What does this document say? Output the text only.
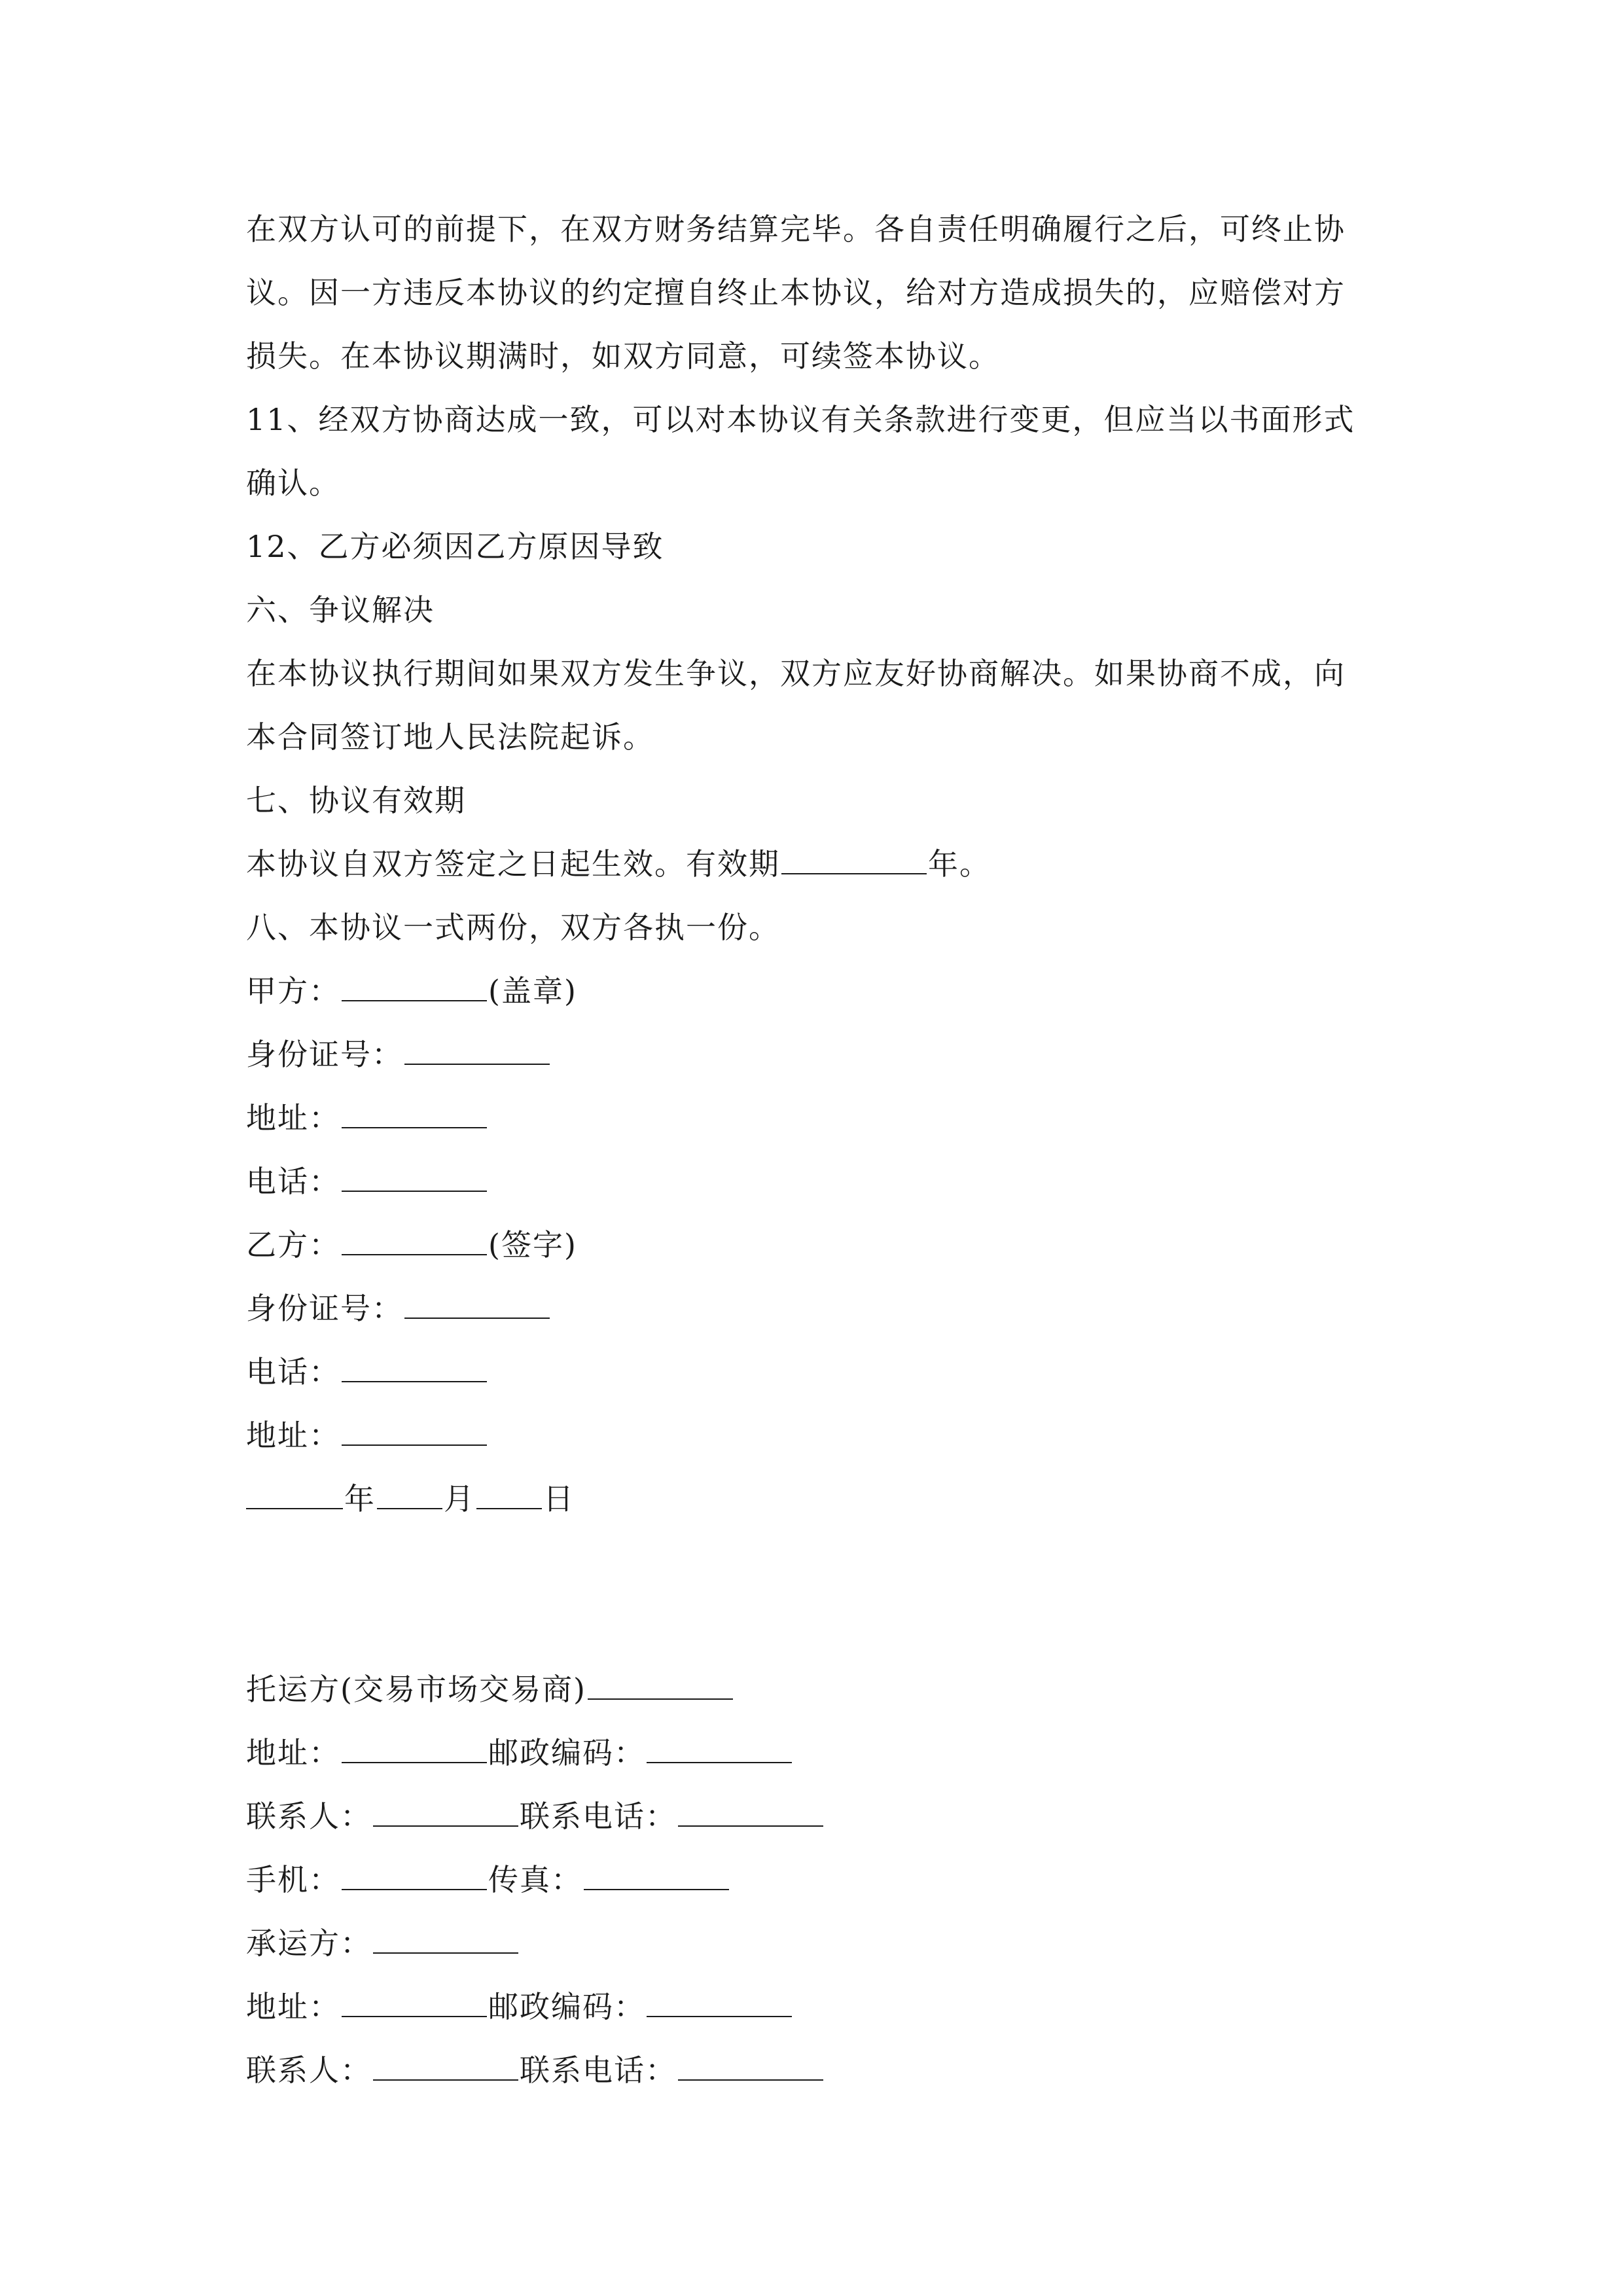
在双方认可的前提下，在双方财务结算完毕。各自责任明确履行之后，可终止协
议。因一方违反本协议的约定擅自终止本协议，给对方造成损失的，应赔偿对方
损失。在本协议期满时，如双方同意，可续签本协议。
11、经双方协商达成一致，可以对本协议有关条款进行变更，但应当以书面形式
确认。
12、乙方必须因乙方原因导致
六、争议解决
在本协议执行期间如果双方发生争议，双方应友好协商解决。如果协商不成，向
本合同签订地人民法院起诉。
七、协议有效期
本协议自双方签定之日起生效。有效期	年。
八、本协议一式两份，双方各执一份。
甲方：	(盖章)
身份证号：
地址：
电话：
乙方：	(签字)
身份证号：
电话：
地址：
年 月 日
托运方(交易市场交易商)
地址：	邮政编码：
联系人：	联系电话：
手机：	传真：
承运方：
地址：	邮政编码：
联系人：	联系电话：
